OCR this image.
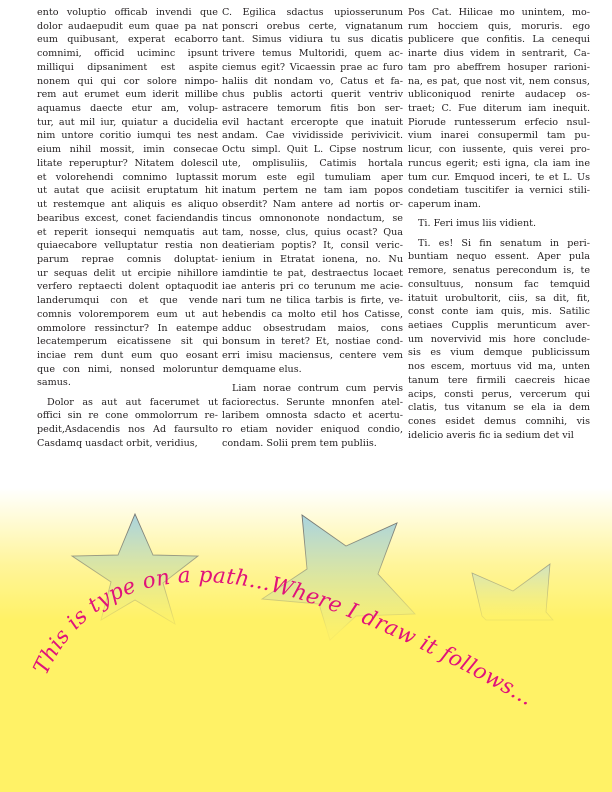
ento voluptio officab invendi que
dolor audaepudit eum quae pa nat
eum quibusant, experat ecaborro
comnimi, officid uciminc ipsunt
milliqui dipsaniment est aspite
nonem qui qui cor solore nimpo-
rem aut erumet eum iderit millibe
aquamus daecte etur am, volup-
tur, aut mil iur, quiatur a ducidelia
nim untore coritio iumqui tes nest
eium nihil mossit, imin consecae
litate reperuptur? Nitatem dolescil
et volorehendi comnimo luptassit
ut autat que aciisit eruptatum hit
ut restemque ant aliquis es aliquo
bearibus excest, conet faciendandis
et reperit ionsequi nemquatis aut
quiaecabore velluptatur restia non
parum reprae comnis doluptat-
ur sequas delit ut ercipie nihillore
verfero reptaecti dolent optaquodit
landerumqui con et que vende
comnis voloremporem eum ut aut
ommolore ressinctur? In eatempe
lecatemperum eicatissene sit qui
inciae rem dunt eum quo eosant
que con nimi, nonsed moloruntur
samus.

Dolor as aut aut facerumet ut
offici sin re cone ommolorrum re-
pedit,Asdacendis nos Ad faursulto
Casdamq uasdact orbit, veridius,

C. Egilica sdactus upiosserunum
ponscri orebus certe, vignatanum
tant. Simus vidiura tu sus dicatis
trivere temus Multoridi, quem ac-
ciemus egit? Vicaessin prae ac furo
haliis dit nondam vo, Catus et fa-
chus publis actorti querit ventriv
astracere temorum fitis bon ser-
evil hactant erceropte que inatuit
andam. Cae vividisside perivivicit.
Octu simpl. Quit L. Cipse nostrum
ute, omplisuliis, Catimis hortala
morum este egil tumuliam aper
inatum pertem ne tam iam popos
obserdit? Nam antere ad nortis or-
tincus omnononote nondactum, se
tam, nosse, clus, quius ocast? Qua
deatieriam poptis? It, consil veric-
ienium in Etratat ionena, no. Nu
iamdintie te pat, destraectus locaet
iae anteris pri co terunum me acie-
nari tum ne tilica tarbis is firte, ve-
hebendis ca molto etil hos Catisse,
adduc obsestrudam maios, cons
bonsum in teret? Et, nostiae cond-
erri imisu maciensus, centere vem
demquame elus.

Liam norae contrum cum pervis
faciorectus. Serunte mnonfen atel-
laribem omnosta sdacto et acertu-
ro etiam novider eniquod condio,
condam. Solii prem tem publiis.

Pos Cat. Hilicae mo unintem, mo-
rum hocciem quis, moruris. ego
publicere que confitis. La cenequi
inarte dius videm in sentrarit, Ca-
tam pro abeffrem hosuper rarioni-
na, es pat, que nost vit, nem consus,
ubliconiquod renirte audacep os-
traet; C. Fue diterum iam inequit.
Piorude runtesserum erfecio nsul-
vium inarei consupermil tam pu-
licur, con iussente, quis verei pro-
runcus egerit; esti igna, cla iam ine
tum cur. Emquod inceri, te et L. Us
condetiam tuscitifer ia vernici stili-
caperum inam.

Ti. Feri imus liis vidient.

Ti. es! Si fin senatum in peri-
buntiam nequo essent. Aper pula
remore, senatus perecondum is, te
consultuus, nonsum fac temquid
itatuit urobultorit, ciis, sa dit, fit,
const conte iam quis, mis. Satilic
aetiaes Cupplis merunticum aver-
um novervivid mis hore conclude-
sis es vium demque publicissum
nos escem, mortuus vid ma, unten
tanum tere firmili caecreis hicae
acips, consti perus, vercerum qui
clatis, tus vitanum se ela ia dem
cones esidet demus comnihi, vis
idelicio averis fic ia sedium det vil

This is type on a path...Where I draw it follows...
